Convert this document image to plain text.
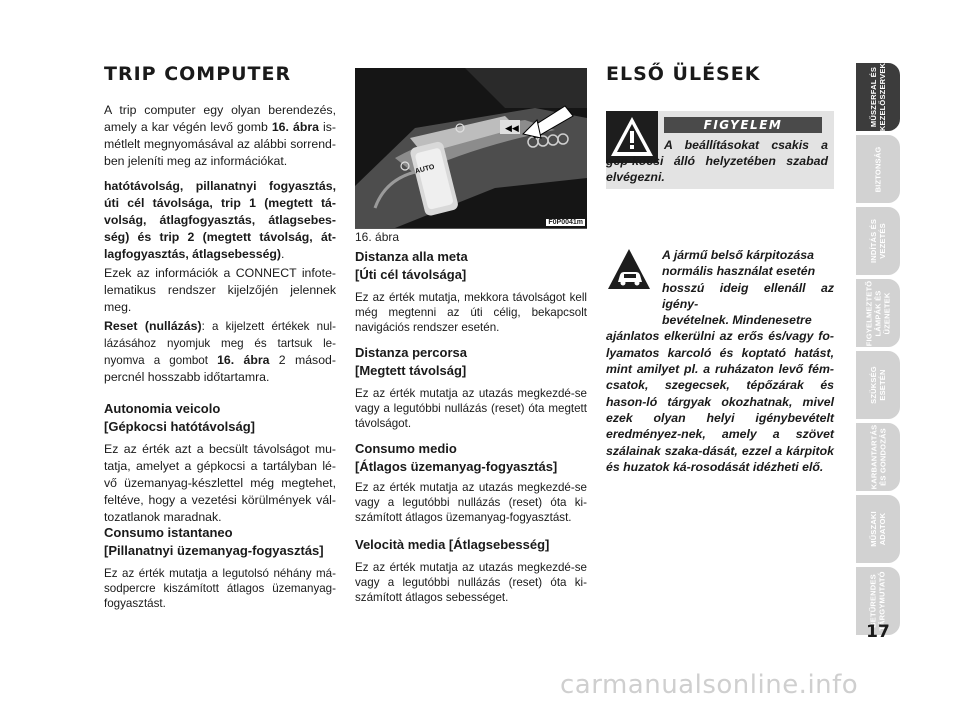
TRIP COMPUTER

A trip computer egy olyan berendezés, amely a kar végén levő gomb 16. ábra is-métlelt megnyomásával az alábbi sorrend-ben jeleníti meg az információkat.

hatótávolság, pillanatnyi fogyasztás, úti cél távolsága, trip 1 (megtett tá-volság, átlagfogyasztás, átlagsebes-ség) és trip 2 (megtett távolság, át-lagfogyasztás, átlagsebesség).

Ezek az információk a CONNECT infote-lematikus rendszer kijelzőjén jelennek meg.

Reset (nullázás): a kijelzett értékek nul-lázásához nyomjuk meg és tartsuk le-nyomva a gombot 16. ábra 2 másod-percnél hosszabb időtartamra.

Autonomia veicolo
[Gépkocsi hatótávolság]

Ez az érték azt a becsült távolságot mu-tatja, amelyet a gépkocsi a tartályban lé-vő üzemanyag-készlettel még megtehet, feltéve, hogy a vezetési körülmények vál-tozatlanok maradnak.

Consumo istantaneo
[Pillanatnyi üzemanyag-fogyasztás]

Ez az érték mutatja a legutolsó néhány má-sodpercre kiszámított átlagos üzemanyag-fogyasztást.

◀◀
AUTO
F0P0041m
16. ábra
Distanza alla meta
[Úti cél távolsága]

Ez az érték mutatja, mekkora távolságot kell még megtenni az úti célig, bekapcsolt navigációs rendszer esetén.

Distanza percorsa
[Megtett távolság]

Ez az érték mutatja az utazás megkezdé-se vagy a legutóbbi nullázás (reset) óta megtett távolságot.

Consumo medio
[Átlagos üzemanyag-fogyasztás]

Ez az érték mutatja az utazás megkezdé-se vagy a legutóbbi nullázás (reset) óta ki-számított átlagos üzemanyag-fogyasztást.

Velocità media [Átlagsebesség]

Ez az érték mutatja az utazás megkezdé-se vagy a legutóbbi nullázás (reset) óta ki-számított átlagos sebességet.

ELSŐ ÜLÉSEK
FIGYELEM

A beállításokat csakis a gép-kocsi álló helyzetében szabad elvégezni.

A jármű belső kárpitozása
normális használat esetén
hosszú ideig ellenáll az igény-
bevételnek. Mindenesetre
ajánlatos elkerülni az erős és/vagy fo-lyamatos karcoló és koptató hatást, mint amilyet pl. a ruházaton levő fém-csatok, szegecsek, tépőzárak és hason-ló tárgyak okozhatnak, mivel ezek olyan helyi igénybevételt eredményez-nek, amely a szövet szálainak szaka-dását, ezzel a kárpitok és huzatok ká-rosodását idézheti elő.

MŰSZERFAL ÉS
KEZELŐSZERVEK
BIZTONSÁG
INDÍTÁS ÉS
VEZETÉS
FIGYELMEZTETŐ
LÁMPÁK ÉS
ÜZENETEK
SZÜKSÉG
ESETÉN
KARBANTARTÁS
ÉS GONDOZÁS
MŰSZAKI
ADATOK
BETŰRENDES
TÁRGYMUTATÓ
17
carmanualsonline.info
